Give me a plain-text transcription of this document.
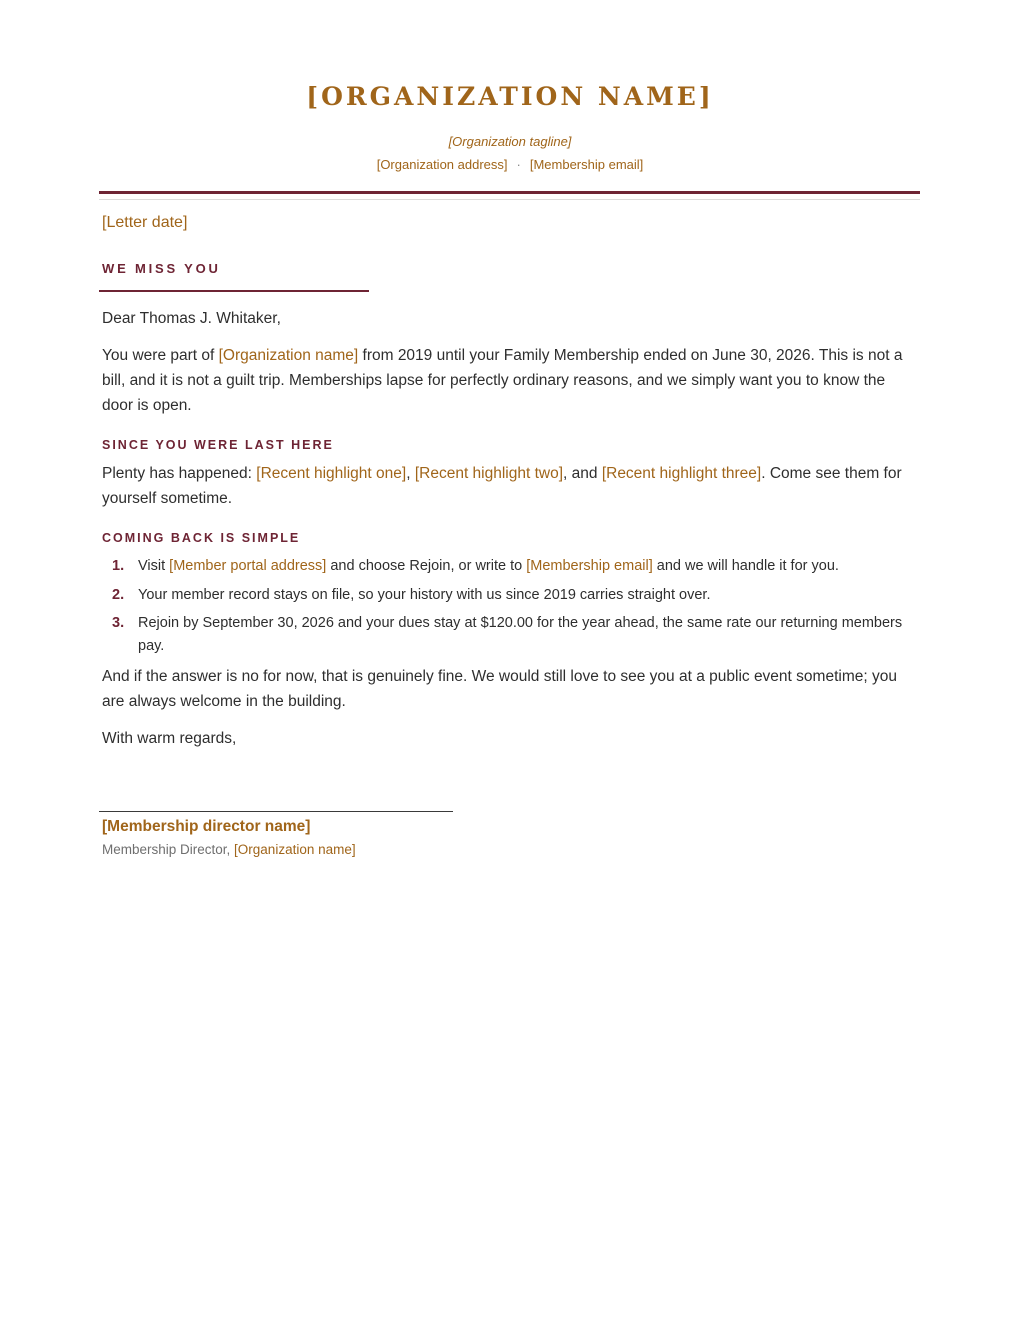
[ORGANIZATION NAME]
[Organization tagline]
[Organization address] · [Membership email]
[Letter date]
WE MISS YOU
Dear Thomas J. Whitaker,
You were part of [Organization name] from 2019 until your Family Membership ended on June 30, 2026. This is not a bill, and it is not a guilt trip. Memberships lapse for perfectly ordinary reasons, and we simply want you to know the door is open.
SINCE YOU WERE LAST HERE
Plenty has happened: [Recent highlight one], [Recent highlight two], and [Recent highlight three]. Come see them for yourself sometime.
COMING BACK IS SIMPLE
1. Visit [Member portal address] and choose Rejoin, or write to [Membership email] and we will handle it for you.
2. Your member record stays on file, so your history with us since 2019 carries straight over.
3. Rejoin by September 30, 2026 and your dues stay at $120.00 for the year ahead, the same rate our returning members pay.
And if the answer is no for now, that is genuinely fine. We would still love to see you at a public event sometime; you are always welcome in the building.
With warm regards,
[Membership director name]
Membership Director, [Organization name]
